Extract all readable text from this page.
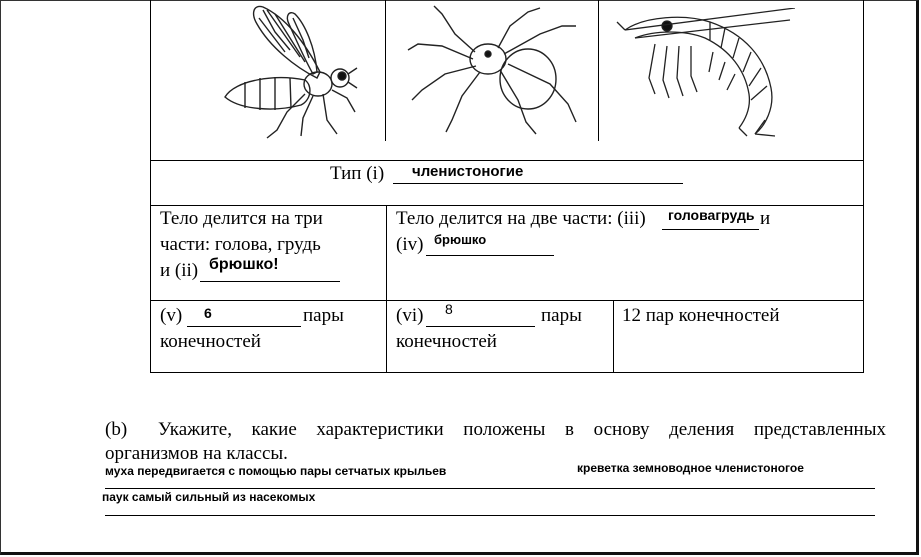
Тип (i) членистоногие
Тело делится на три
части: голова, грудь
и (ii) брюшко!
Тело делится на две части: (iii) головагрудь и
(iv) брюшко
(v) 6	пары
конечностей
(vi) 8	пары
конечностей
12 пар конечностей
(b) Укажите, какие характеристики положены в основу деления представленных
организмов на классы.
муха передвигается с помощью пары сетчатых крыльев	креветка земноводное членистоногое
паук самый сильный из насекомых
